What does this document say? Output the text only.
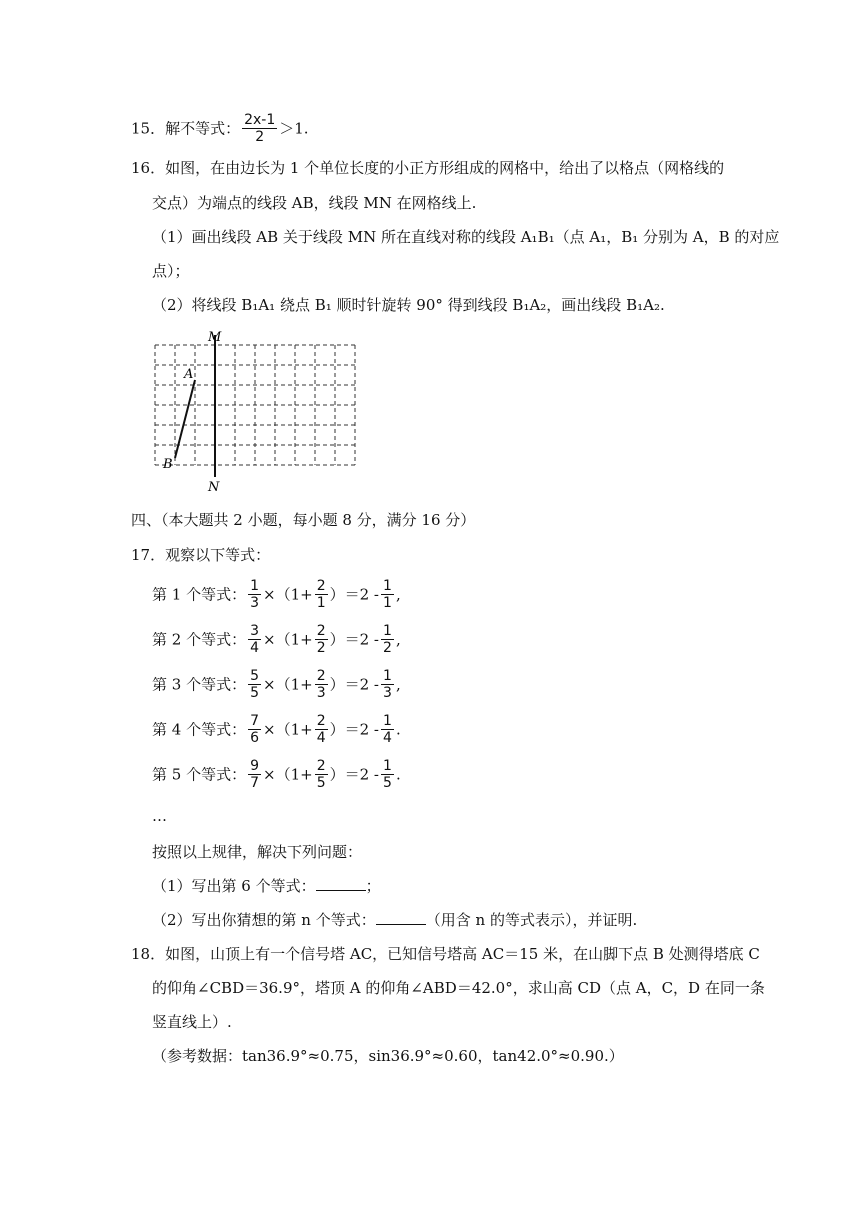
15．解不等式： $\frac{2x-1}{2} >1$.
16．如图，在由边长为 1 个单位长度的小正方形组成的网格中，给出了以格点（网格线的
交点）为端点的线段 AB，线段 MN 在网格线上.
（1）画出线段 AB 关于线段 MN 所在直线对称的线段 A₁B₁（点 A₁，B₁ 分别为 A，B 的对应
点）；
（2）将线段 B₁A₁ 绕点 B₁ 顺时针旋转 90° 得到线段 B₁A₂，画出线段 B₁A₂.
M
N
A
B
四、（本大题共 2 小题，每小题 8 分，满分 16 分）
17．观察以下等式：
第 1 个等式： $\frac{1}{3} \times(1+ \frac{2}{1} )=2 - \frac{1}{1}$ ,
第 2 个等式： $\frac{3}{4} \times(1+ \frac{2}{2} )=2 - \frac{1}{2}$ ,
第 3 个等式： $\frac{5}{5} \times(1+ \frac{2}{3} )=2 - \frac{1}{3}$ ,
第 4 个等式： $\frac{7}{6} \times(1+ \frac{2}{4} )=2 - \frac{1}{4}$ .
第 5 个等式： $\frac{9}{7} \times(1+ \frac{2}{5} )=2 - \frac{1}{5}$ .
…
按照以上规律，解决下列问题：
（1）写出第 6 个等式：	；
（2）写出你猜想的第 n 个等式：	（用含 n 的等式表示），并证明.
18．如图，山顶上有一个信号塔 AC，已知信号塔高 AC＝15 米，在山脚下点 B 处测得塔底 C
的仰角∠CBD＝36.9°，塔顶 A 的仰角∠ABD＝42.0°，求山高 CD（点 A，C，D 在同一条
竖直线上）.
（参考数据：tan36.9°≈0.75，sin36.9°≈0.60，tan42.0°≈0.90.）
